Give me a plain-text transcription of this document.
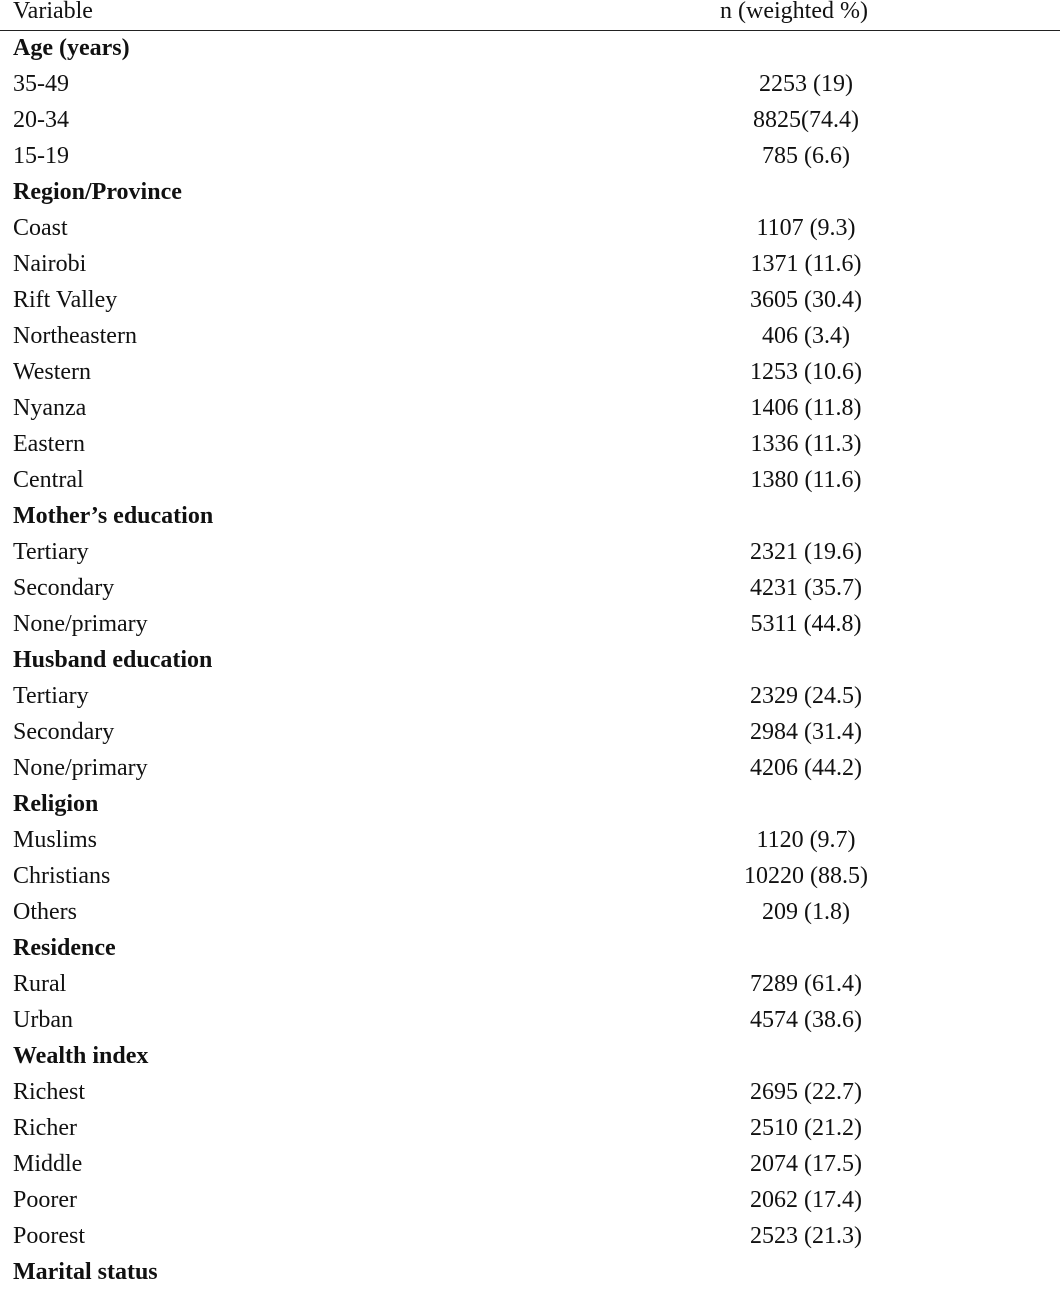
Variable	n (weighted %)
Age (years)
35-49	2253 (19)
20-34	8825(74.4)
15-19	785 (6.6)
Region/Province
Coast	1107 (9.3)
Nairobi	1371 (11.6)
Rift Valley	3605 (30.4)
Northeastern	406 (3.4)
Western	1253 (10.6)
Nyanza	1406 (11.8)
Eastern	1336 (11.3)
Central	1380 (11.6)
Mother’s education
Tertiary	2321 (19.6)
Secondary	4231 (35.7)
None/primary	5311 (44.8)
Husband education
Tertiary	2329 (24.5)
Secondary	2984 (31.4)
None/primary	4206 (44.2)
Religion
Muslims	1120 (9.7)
Christians	10220 (88.5)
Others	209 (1.8)
Residence
Rural	7289 (61.4)
Urban	4574 (38.6)
Wealth index
Richest	2695 (22.7)
Richer	2510 (21.2)
Middle	2074 (17.5)
Poorer	2062 (17.4)
Poorest	2523 (21.3)
Marital status
